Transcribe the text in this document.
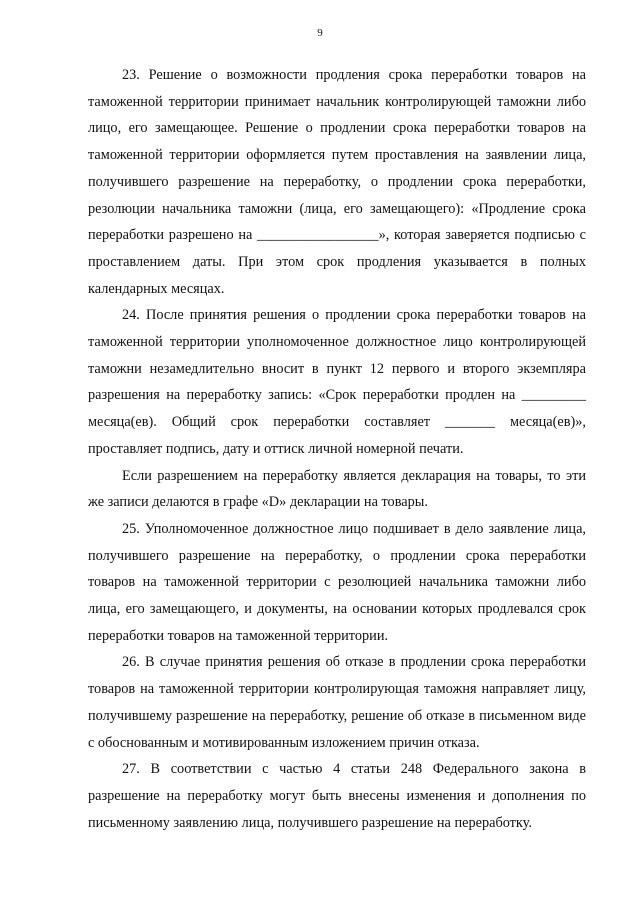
9

23. Решение о возможности продления срока переработки товаров на таможенной территории принимает начальник контролирующей таможни либо лицо, его замещающее. Решение о продлении срока переработки товаров на таможенной территории оформляется путем проставления на заявлении лица, получившего разрешение на переработку, о продлении срока переработки, резолюции начальника таможни (лица, его замещающего): «Продление срока переработки разрешено на _________________», которая заверяется подписью с проставлением даты. При этом срок продления указывается в полных календарных месяцах.

24. После принятия решения о продлении срока переработки товаров на таможенной территории уполномоченное должностное лицо контролирующей таможни незамедлительно вносит в пункт 12 первого и второго экземпляра разрешения на переработку запись: «Срок переработки продлен на _________ месяца(ев). Общий срок переработки составляет _______ месяца(ев)», проставляет подпись, дату и оттиск личной номерной печати.

Если разрешением на переработку является декларация на товары, то эти же записи делаются в графе «D» декларации на товары.

25. Уполномоченное должностное лицо подшивает в дело заявление лица, получившего разрешение на переработку, о продлении срока переработки товаров на таможенной территории с резолюцией начальника таможни либо лица, его замещающего, и документы, на основании которых продлевался срок переработки товаров на таможенной территории.

26. В случае принятия решения об отказе в продлении срока переработки товаров на таможенной территории контролирующая таможня направляет лицу, получившему разрешение на переработку, решение об отказе в письменном виде с обоснованным и мотивированным изложением причин отказа.

27. В соответствии с частью 4 статьи 248 Федерального закона в разрешение на переработку могут быть внесены изменения и дополнения по письменному заявлению лица, получившего разрешение на переработку.
